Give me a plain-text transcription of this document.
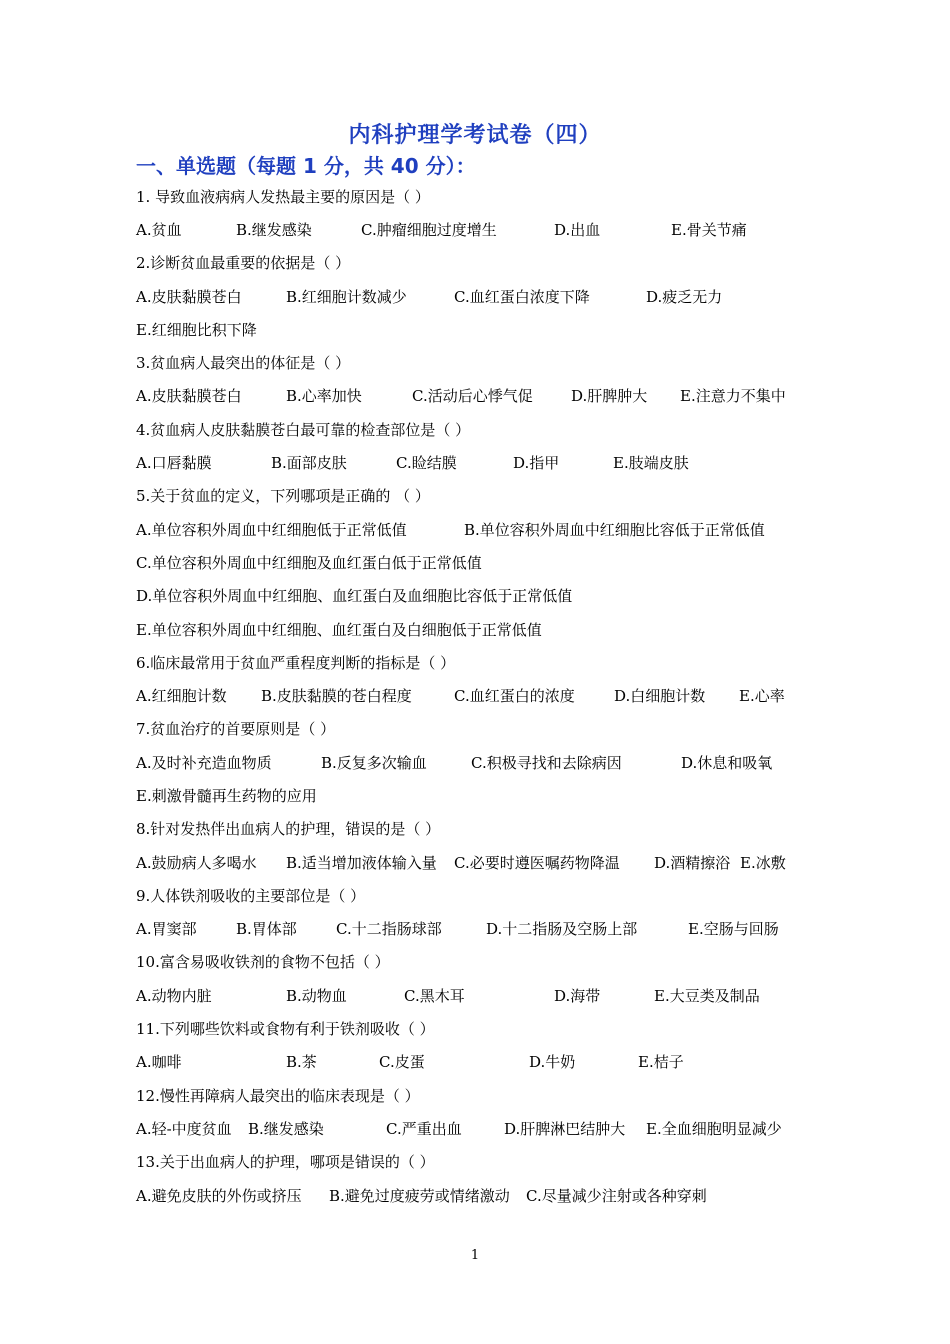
内科护理学考试卷（四）
一、单选题（每题 1 分，共 40 分）：
1. 导致血液病病人发热最主要的原因是（ ）
A.贫血	B.继发感染	C.肿瘤细胞过度增生	D.出血	E.骨关节痛
2.诊断贫血最重要的依据是（ ）
A.皮肤黏膜苍白	B.红细胞计数减少	C.血红蛋白浓度下降	D.疲乏无力
E.红细胞比积下降
3.贫血病人最突出的体征是（ ）
A.皮肤黏膜苍白	B.心率加快	C.活动后心悸气促	D.肝脾肿大 E.注意力不集中
4.贫血病人皮肤黏膜苍白最可靠的检查部位是（ ）
A.口唇黏膜	B.面部皮肤	C.睑结膜	D.指甲	E.肢端皮肤
5.关于贫血的定义，下列哪项是正确的 （ ）
A.单位容积外周血中红细胞低于正常低值	B.单位容积外周血中红细胞比容低于正常低值
C.单位容积外周血中红细胞及血红蛋白低于正常低值
D.单位容积外周血中红细胞、血红蛋白及血细胞比容低于正常低值
E.单位容积外周血中红细胞、血红蛋白及白细胞低于正常低值
6.临床最常用于贫血严重程度判断的指标是（ ）
A.红细胞计数 B.皮肤黏膜的苍白程度	C.血红蛋白的浓度	D.白细胞计数 E.心率
7.贫血治疗的首要原则是（ ）
A.及时补充造血物质	B.反复多次输血	C.积极寻找和去除病因	D.休息和吸氧
E.刺激骨髓再生药物的应用
8.针对发热伴出血病人的护理，错误的是（ ）
A.鼓励病人多喝水 B.适当增加液体输入量 C.必要时遵医嘱药物降温 D.酒精擦浴 E.冰敷
9.人体铁剂吸收的主要部位是（ ）
A.胃窦部	B.胃体部	C.十二指肠球部	D.十二指肠及空肠上部	E.空肠与回肠
10.富含易吸收铁剂的食物不包括（ ）
A.动物内脏	B.动物血	C.黑木耳	D.海带	E.大豆类及制品
11.下列哪些饮料或食物有利于铁剂吸收（ ）
A.咖啡	B.茶	C.皮蛋	D.牛奶	E.桔子
12.慢性再障病人最突出的临床表现是（ ）
A.轻-中度贫血 B.继发感染	C.严重出血	D.肝脾淋巴结肿大 E.全血细胞明显减少
13.关于出血病人的护理，哪项是错误的（ ）
A.避免皮肤的外伤或挤压 B.避免过度疲劳或情绪激动 C.尽量减少注射或各种穿刺
1
